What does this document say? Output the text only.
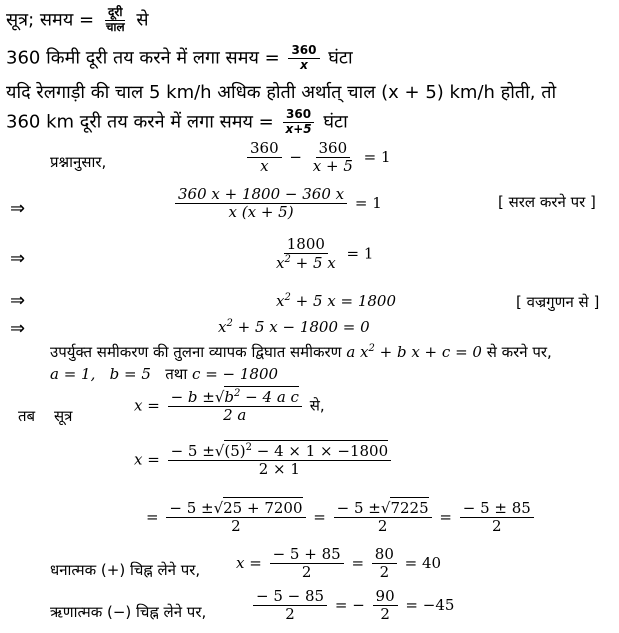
सूत्र; समय = $\frac{\text{दूरी}}{\text{चाल}}$ से
360 किमी दूरी तय करने में लगा समय = $\frac{360}{x}$ घंटा
यदि रेलगाड़ी की चाल 5 km/h अधिक होती अर्थात् चाल (x + 5) km/h होती, तो
360 km दूरी तय करने में लगा समय = $\frac{360}{x+5}$ घंटा
प्रश्नानुसार,	$\frac{360}{x} - \frac{360}{x + 5} = 1$
⇒	$\frac{360 x + 1800 - 360 x}{x (x + 5)} = 1$	[ सरल करने पर ]
⇒	$\frac{1800}{x^2 + 5 x} = 1$
⇒	$x^2 + 5$ x = 1800	[ वज्रगुणन से ]
⇒	$x^2 + 5$ x − 1800 = 0
उपर्युक्त समीकरण की तुलना व्यापक द्विघात समीकरण a $x^2 + b$ x + c = 0 से करने पर,
a = 1, b = 5 तथा c = − 1800
तब सूत्र
$x = \frac{- b \pm√b^2 - 4 a c}{2 a}$ से,
$x = \frac{- 5 \pm√(5)^2 - 4 \times 1 \times -1800}{2 \times 1}$
= $\frac{- 5 \pm√25 + 7200}{2} = \frac{- 5 \pm√7225}{2} = \frac{- 5 \pm 85}{2}$
धनात्मक (+) चिह्न लेने पर, $x = \frac{- 5 + 85}{2} = \frac{80}{2} = 40$
ऋणात्मक (−) चिह्न लेने पर,	$\frac{- 5 - 85}{2}$ = − $\frac{90}{2} = -45$
